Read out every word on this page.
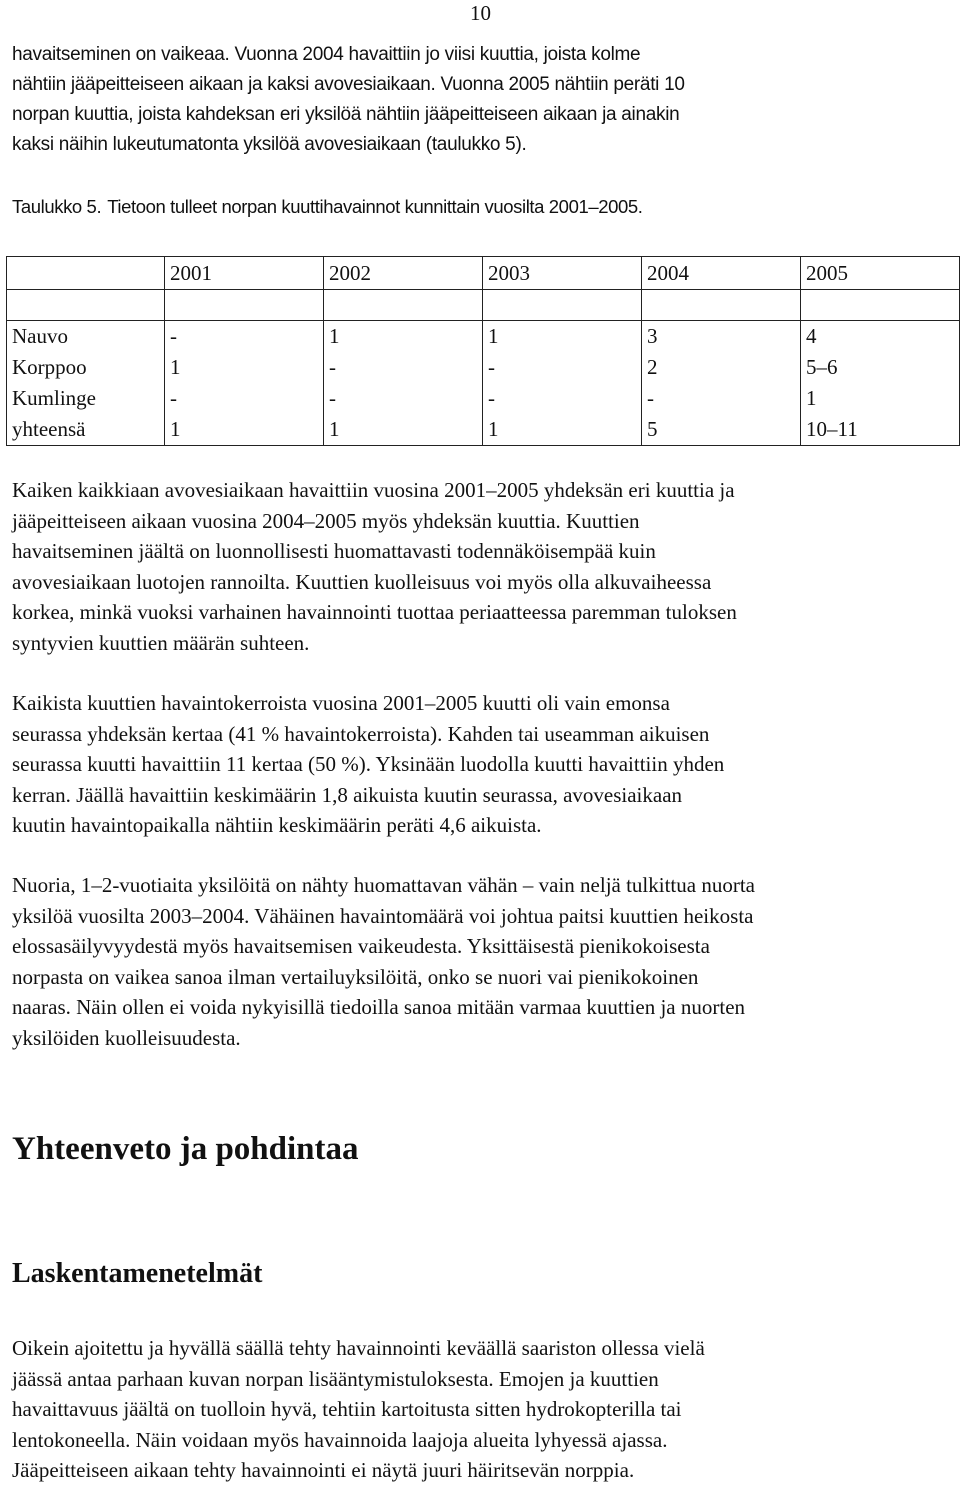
10
havaitseminen on vaikeaa. Vuonna 2004 havaittiin jo viisi kuuttia, joista kolme
nähtiin jääpeitteiseen aikaan ja kaksi avovesiaikaan. Vuonna 2005 nähtiin peräti 10
norpan kuuttia, joista kahdeksan eri yksilöä nähtiin jääpeitteiseen aikaan ja ainakin
kaksi näihin lukeutumatonta yksilöä avovesiaikaan (taulukko 5).
Taulukko 5. Tietoon tulleet norpan kuuttihavainnot kunnittain vuosilta 2001–2005.
	2001	2002	2003	2004	2005

Nauvo	-	1	1	3	4
Korppoo	1	-	-	2	5–6
Kumlinge	-	-	-	-	1
yhteensä	1	1	1	5	10–11
Kaiken kaikkiaan avovesiaikaan havaittiin vuosina 2001–2005 yhdeksän eri kuuttia ja
jääpeitteiseen aikaan vuosina 2004–2005 myös yhdeksän kuuttia. Kuuttien
havaitseminen jäältä on luonnollisesti huomattavasti todennäköisempää kuin
avovesiaikaan luotojen rannoilta. Kuuttien kuolleisuus voi myös olla alkuvaiheessa
korkea, minkä vuoksi varhainen havainnointi tuottaa periaatteessa paremman tuloksen
syntyvien kuuttien määrän suhteen.
Kaikista kuuttien havaintokerroista vuosina 2001–2005 kuutti oli vain emonsa
seurassa yhdeksän kertaa (41 % havaintokerroista). Kahden tai useamman aikuisen
seurassa kuutti havaittiin 11 kertaa (50 %). Yksinään luodolla kuutti havaittiin yhden
kerran. Jäällä havaittiin keskimäärin 1,8 aikuista kuutin seurassa, avovesiaikaan
kuutin havaintopaikalla nähtiin keskimäärin peräti 4,6 aikuista.
Nuoria, 1–2-vuotiaita yksilöitä on nähty huomattavan vähän – vain neljä tulkittua nuorta
yksilöä vuosilta 2003–2004. Vähäinen havaintomäärä voi johtua paitsi kuuttien heikosta
elossasäilyvyydestä myös havaitsemisen vaikeudesta. Yksittäisestä pienikokoisesta
norpasta on vaikea sanoa ilman vertailuyksilöitä, onko se nuori vai pienikokoinen
naaras. Näin ollen ei voida nykyisillä tiedoilla sanoa mitään varmaa kuuttien ja nuorten
yksilöiden kuolleisuudesta.
Yhteenveto ja pohdintaa
Laskentamenetelmät
Oikein ajoitettu ja hyvällä säällä tehty havainnointi keväällä saariston ollessa vielä
jäässä antaa parhaan kuvan norpan lisääntymistuloksesta. Emojen ja kuuttien
havaittavuus jäältä on tuolloin hyvä, tehtiin kartoitusta sitten hydrokopterilla tai
lentokoneella. Näin voidaan myös havainnoida laajoja alueita lyhyessä ajassa.
Jääpeitteiseen aikaan tehty havainnointi ei näytä juuri häiritsevän norppia.
